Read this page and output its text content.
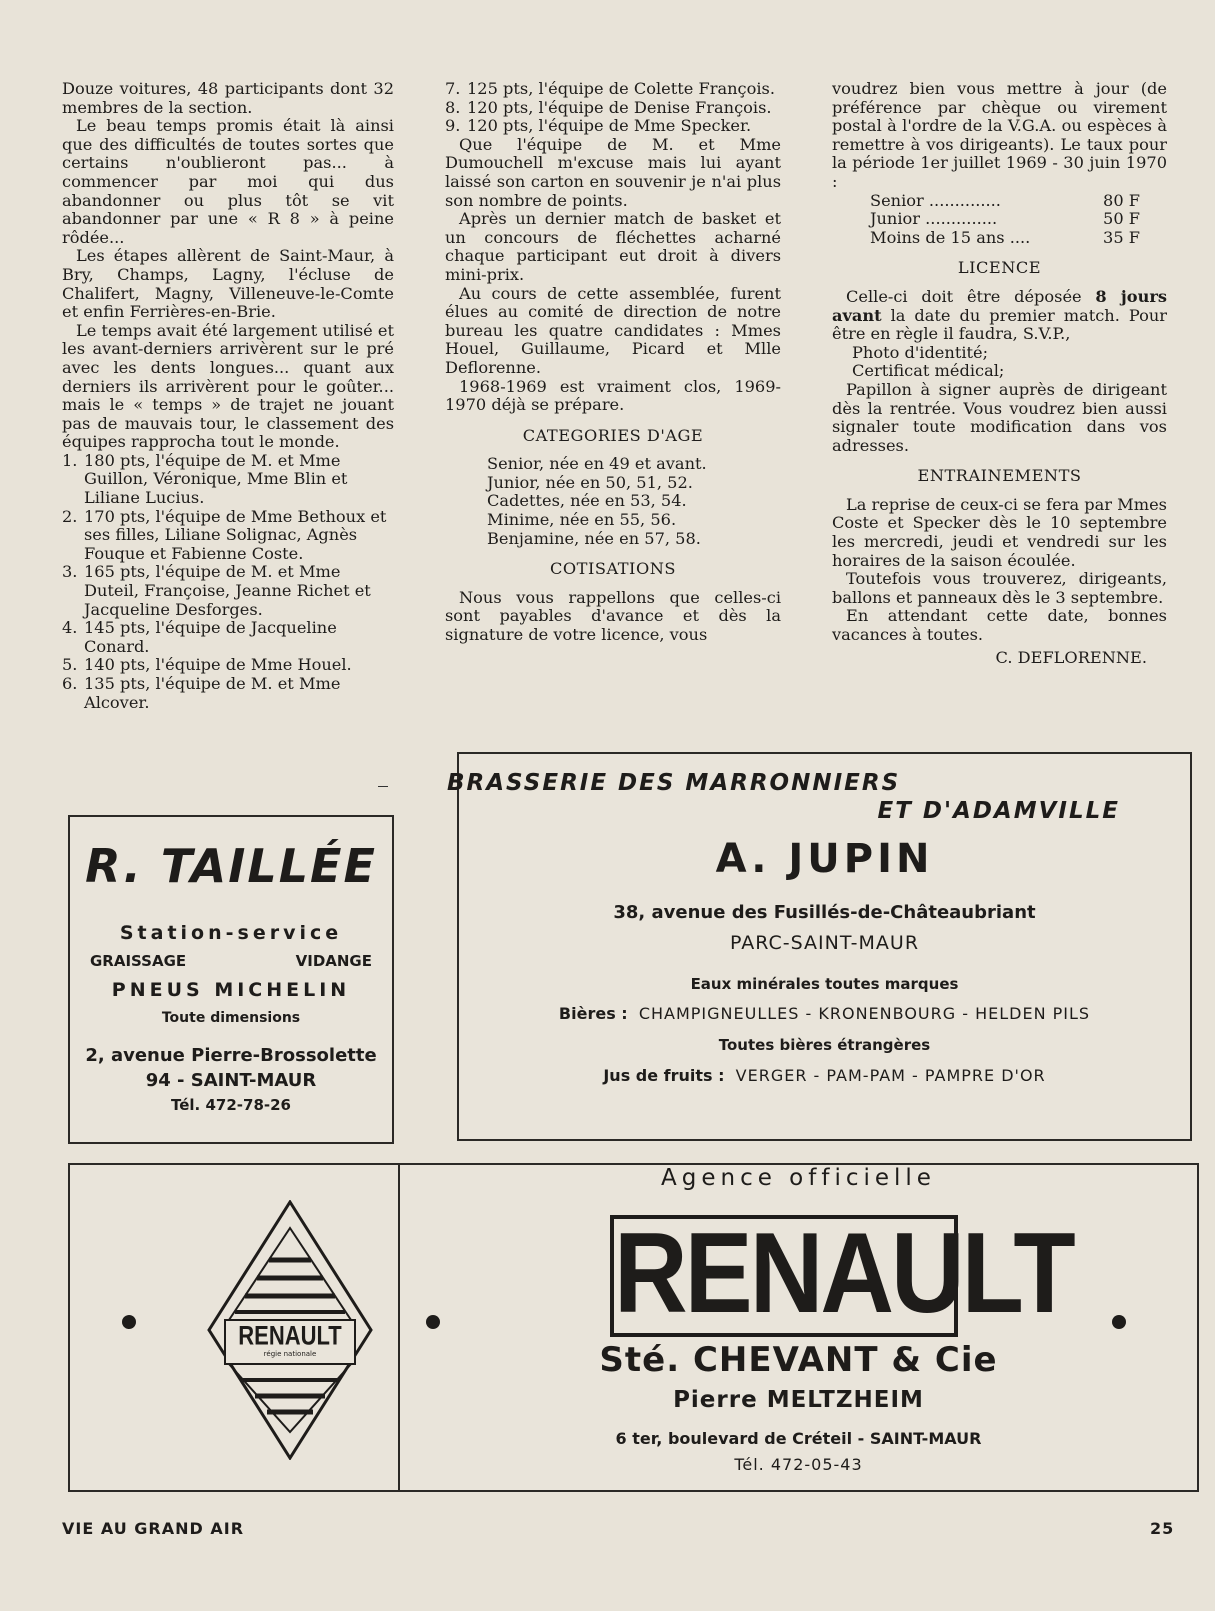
Douze voitures, 48 participants dont 32 membres de la section.

Le beau temps promis était là ainsi que des difficultés de toutes sortes que certains n'oublieront pas... à commencer par moi qui dus abandonner ou plus tôt se vit abandonner par une « R 8 » à peine rôdée...

Les étapes allèrent de Saint-Maur, à Bry, Champs, Lagny, l'écluse de Chalifert, Magny, Villeneuve-le-Comte et enfin Ferrières-en-Brie.

Le temps avait été largement utilisé et les avant-derniers arrivèrent sur le pré avec les dents longues... quant aux derniers ils arrivèrent pour le goûter... mais le « temps » de trajet ne jouant pas de mauvais tour, le classement des équipes rapprocha tout le monde.

1. 180 pts, l'équipe de M. et Mme Guillon, Véronique, Mme Blin et Liliane Lucius.
2. 170 pts, l'équipe de Mme Bethoux et ses filles, Liliane Solignac, Agnès Fouque et Fabienne Coste.
3. 165 pts, l'équipe de M. et Mme Duteil, Françoise, Jeanne Richet et Jacqueline Desforges.
4. 145 pts, l'équipe de Jacqueline Conard.
5. 140 pts, l'équipe de Mme Houel.
6. 135 pts, l'équipe de M. et Mme Alcover.
7. 125 pts, l'équipe de Colette François.
8. 120 pts, l'équipe de Denise François.
9. 120 pts, l'équipe de Mme Specker.

Que l'équipe de M. et Mme Dumouchell m'excuse mais lui ayant laissé son carton en souvenir je n'ai plus son nombre de points.

Après un dernier match de basket et un concours de fléchettes acharné chaque participant eut droit à divers mini-prix.

Au cours de cette assemblée, furent élues au comité de direction de notre bureau les quatre candidates : Mmes Houel, Guillaume, Picard et Mlle Deflorenne.

1968-1969 est vraiment clos, 1969-1970 déjà se prépare.

CATEGORIES D'AGE
Senior, née en 49 et avant.
Junior, née en 50, 51, 52.
Cadettes, née en 53, 54.
Minime, née en 55, 56.
Benjamine, née en 57, 58.
COTISATIONS

Nous vous rappellons que celles-ci sont payables d'avance et dès la signature de votre licence, vous

voudrez bien vous mettre à jour (de préférence par chèque ou virement postal à l'ordre de la V.G.A. ou espèces à remettre à vos dirigeants). Le taux pour la période 1er juillet 1969 - 30 juin 1970 :

Senior ..............	80 F
Junior ..............	50 F
Moins de 15 ans ....	35 F
LICENCE

Celle-ci doit être déposée 8 jours avant la date du premier match. Pour être en règle il faudra, S.V.P.,

Photo d'identité;
Certificat médical;

Papillon à signer auprès de dirigeant dès la rentrée. Vous voudrez bien aussi signaler toute modification dans vos adresses.

ENTRAINEMENTS

La reprise de ceux-ci se fera par Mmes Coste et Specker dès le 10 septembre les mercredi, jeudi et vendredi sur les horaires de la saison écoulée.

Toutefois vous trouverez, dirigeants, ballons et panneaux dès le 3 septembre.

En attendant cette date, bonnes vacances à toutes.

C. DEFLORENNE.
R. TAILLÉE
Station-service
GRAISSAGE	VIDANGE
PNEUS MICHELIN
Toute dimensions
2, avenue Pierre-Brossolette
94 - SAINT-MAUR
Tél. 472-78-26
BRASSERIE DES MARRONNIERS
ET D'ADAMVILLE
A. JUPIN
38, avenue des Fusillés-de-Châteaubriant
PARC-SAINT-MAUR
Eaux minérales toutes marques
Bières : CHAMPIGNEULLES - KRONENBOURG - HELDEN PILS
Toutes bières étrangères
Jus de fruits : VERGER - PAM-PAM - PAMPRE D'OR
RENAULT
régie nationale
Agence officielle
RENAULT
Sté. CHEVANT & Cie
Pierre MELTZHEIM
6 ter, boulevard de Créteil - SAINT-MAUR
Tél. 472-05-43
VIE AU GRAND AIR	25
